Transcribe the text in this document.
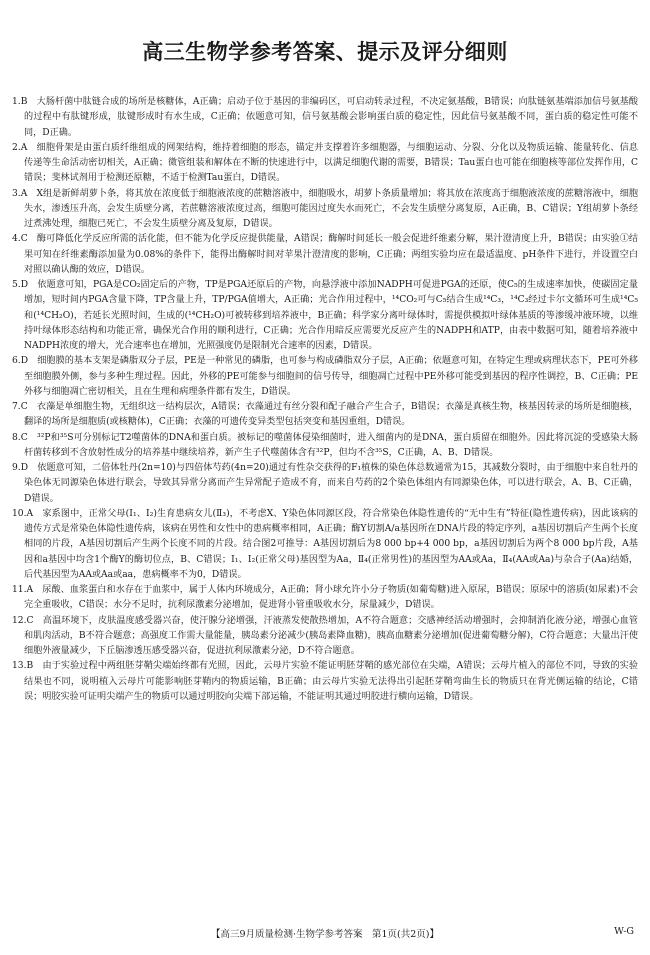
高三生物学参考答案、提示及评分细则

1.B　大肠杆菌中肽链合成的场所是核糖体，A正确；启动子位于基因的非编码区，可启动转录过程，不决定氨基酸，B错误；向肽链氨基端添加信号氨基酸的过程中有肽键形成，肽键形成时有水生成，C正确；依题意可知，信号氨基酸会影响蛋白质的稳定性，因此信号氨基酸不同，蛋白质的稳定性可能不同，D正确。

2.A　细胞骨架是由蛋白质纤维组成的网架结构，维持着细胞的形态，锚定并支撑着许多细胞器，与细胞运动、分裂、分化以及物质运输、能量转化、信息传递等生命活动密切相关，A正确；微管组装和解体在不断的快速进行中，以满足细胞代谢的需要，B错误；Tau蛋白也可能在细胞核等部位发挥作用，C错误；斐林试剂用于检测还原糖，不适于检测Tau蛋白，D错误。

3.A　X组是新鲜胡萝卜条，将其放在浓度低于细胞液浓度的蔗糖溶液中，细胞吸水，胡萝卜条质量增加；将其放在浓度高于细胞液浓度的蔗糖溶液中，细胞失水，渗透压升高，会发生质壁分离，若蔗糖溶液浓度过高，细胞可能因过度失水而死亡，不会发生质壁分离复原，A正确，B、C错误；Y组胡萝卜条经过煮沸处理，细胞已死亡，不会发生质壁分离及复原，D错误。

4.C　酶可降低化学反应所需的活化能，但不能为化学反应提供能量，A错误；酶解时间延长一般会促进纤维素分解，果汁澄清度上升，B错误；由实验①结果可知在纤维素酶添加量为0.08%的条件下，能得出酶解时间对苹果汁澄清度的影响，C正确；两组实验均应在最适温度、pH条件下进行，并设置空白对照以确认酶的效应，D错误。

5.D　依题意可知，PGA是CO₂固定后的产物，TP是PGA还原后的产物，向悬浮液中添加NADPH可促进PGA的还原，使C₅的生成速率加快，使碳固定量增加，短时间内PGA含量下降，TP含量上升，TP/PGA值增大，A正确；光合作用过程中，¹⁴CO₂可与C₅结合生成¹⁴C₃，¹⁴C₃经过卡尔文循环可生成¹⁴C₅和(¹⁴CH₂O)，若延长光照时间，生成的(¹⁴CH₂O)可被转移到培养液中，B正确；科学家分离叶绿体时，需提供模拟叶绿体基质的等渗缓冲液环境，以维持叶绿体形态结构和功能正常，确保光合作用的顺利进行，C正确；光合作用暗反应需要光反应产生的NADPH和ATP，由表中数据可知，随着培养液中NADPH浓度的增大，光合速率也在增加，光照强度仍是限制光合速率的因素，D错误。

6.D　细胞膜的基本支架是磷脂双分子层，PE是一种常见的磷脂，也可参与构成磷脂双分子层，A正确；依题意可知，在特定生理或病理状态下，PE可外移至细胞膜外侧，参与多种生理过程。因此，外移的PE可能参与细胞间的信号传导，细胞凋亡过程中PE外移可能受到基因的程序性调控，B、C正确；PE外移与细胞凋亡密切相关，且在生理和病理条件都有发生，D错误。

7.C　衣藻是单细胞生物，无组织这一结构层次，A错误；衣藻通过有丝分裂和配子融合产生合子，B错误；衣藻是真核生物，核基因转录的场所是细胞核，翻译的场所是细胞质(或核糖体)，C正确；衣藻的可遗传变异类型包括突变和基因重组，D错误。

8.C　³²P和³⁵S可分别标记T2噬菌体的DNA和蛋白质。被标记的噬菌体侵染细菌时，进入细菌内的是DNA，蛋白质留在细胞外。因此将沉淀的受感染大肠杆菌转移到不含放射性成分的培养基中继续培养，新产生子代噬菌体含有³²P，但均不含³⁵S，C正确，A、B、D错误。

9.D　依题意可知，二倍体牡丹(2n=10)与四倍体芍药(4n=20)通过有性杂交获得的F₁植株的染色体总数通常为15，其减数分裂时，由于细胞中来自牡丹的染色体无同源染色体进行联会，导致其异常分离而产生异常配子造成不育，而来自芍药的2个染色体组内有同源染色体，可以进行联会，A、B、C正确，D错误。

10.A　家系图中，正常父母(Ⅰ₁、Ⅰ₂)生育患病女儿(Ⅱ₃)，不考虑X、Y染色体同源区段，符合常染色体隐性遗传的“无中生有”特征(隐性遗传病)，因此该病的遗传方式是常染色体隐性遗传病，该病在男性和女性中的患病概率相同，A正确；酶Y切割A/a基因所在DNA片段的特定序列，a基因切割后产生两个长度相同的片段，A基因切割后产生两个长度不同的片段。结合图2可推导：A基因切割后为8 000 bp+4 000 bp，a基因切割后为两个8 000 bp片段，A基因和a基因中均含1个酶Y的酶切位点，B、C错误；Ⅰ₁、Ⅰ₂(正常父母)基因型为Aa，Ⅱ₄(正常男性)的基因型为AA或Aa，Ⅱ₄(AA或Aa)与杂合子(Aa)结婚，后代基因型为AA或Aa或aa，患病概率不为0，D错误。

11.A　尿酸、血浆蛋白和水存在于血浆中，属于人体内环境成分，A正确；肾小球允许小分子物质(如葡萄糖)进入原尿，B错误；原尿中的溶质(如尿素)不会完全重吸收，C错误；水分不足时，抗利尿激素分泌增加，促进肾小管重吸收水分，尿量减少，D错误。

12.C　高温环境下，皮肤温度感受器兴奋，使汗腺分泌增强，汗液蒸发使散热增加，A不符合题意；交感神经活动增强时，会抑制消化液分泌，增强心血管和肌肉活动，B不符合题意；高强度工作需大量能量，胰岛素分泌减少(胰岛素降血糖)，胰高血糖素分泌增加(促进葡萄糖分解)，C符合题意；大量出汗使细胞外液量减少，下丘脑渗透压感受器兴奋，促进抗利尿激素分泌，D不符合题意。

13.B　由于实验过程中两组胚芽鞘尖端始终都有光照，因此，云母片实验不能证明胚芽鞘的感光部位在尖端，A错误；云母片植入的部位不同，导致的实验结果也不同，说明植入云母片可能影响胚芽鞘内的物质运输，B正确；由云母片实验无法得出引起胚芽鞘弯曲生长的物质只在背光侧运输的结论，C错误；明胶实验可证明尖端产生的物质可以通过明胶向尖端下部运输，不能证明其通过明胶进行横向运输，D错误。

【高三9月质量检测·生物学参考答案　第1页(共2页)】	W-G
